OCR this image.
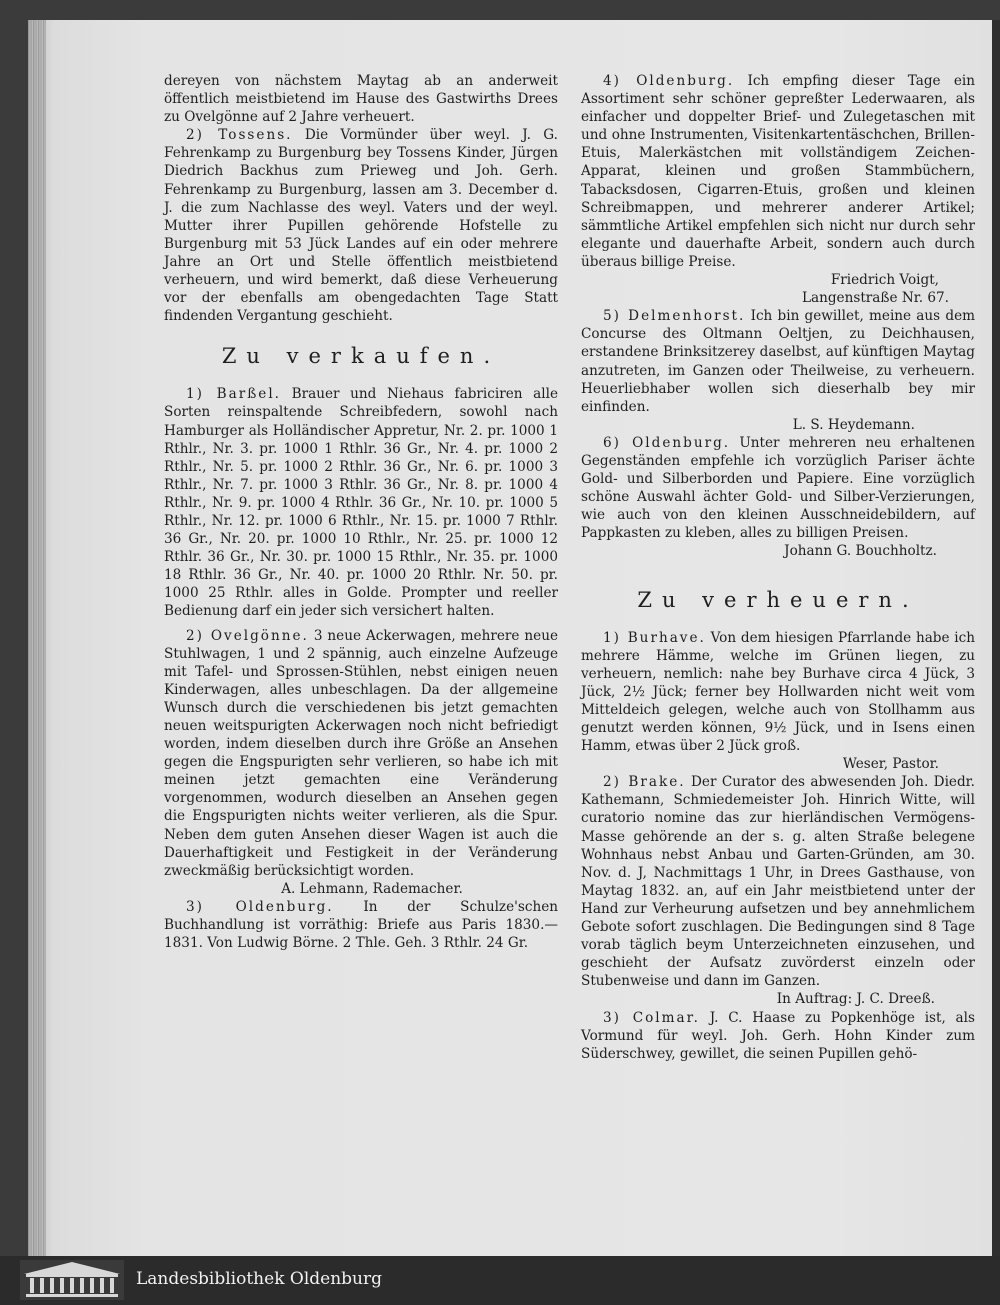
dereyen von nächstem Maytag ab an anderweit öffentlich meistbietend im Hause des Gastwirths Drees zu Ovelgönne auf 2 Jahre verheuert.

2) Tossens. Die Vormünder über weyl. J. G. Fehrenkamp zu Burgenburg bey Tossens Kinder, Jürgen Diedrich Backhus zum Prieweg und Joh. Gerh. Fehrenkamp zu Burgenburg, lassen am 3. December d. J. die zum Nachlasse des weyl. Vaters und der weyl. Mutter ihrer Pupillen gehörende Hofstelle zu Burgenburg mit 53 Jück Landes auf ein oder mehrere Jahre an Ort und Stelle öffentlich meistbietend verheuern, und wird bemerkt, daß diese Verheuerung vor der ebenfalls am obengedachten Tage Statt findenden Vergantung geschieht.

Zu verkaufen.

1) Barßel. Brauer und Niehaus fabriciren alle Sorten reinspaltende Schreibfedern, sowohl nach Hamburger als Holländischer Appretur, Nr. 2. pr. 1000 1 Rthlr., Nr. 3. pr. 1000 1 Rthlr. 36 Gr., Nr. 4. pr. 1000 2 Rthlr., Nr. 5. pr. 1000 2 Rthlr. 36 Gr., Nr. 6. pr. 1000 3 Rthlr., Nr. 7. pr. 1000 3 Rthlr. 36 Gr., Nr. 8. pr. 1000 4 Rthlr., Nr. 9. pr. 1000 4 Rthlr. 36 Gr., Nr. 10. pr. 1000 5 Rthlr., Nr. 12. pr. 1000 6 Rthlr., Nr. 15. pr. 1000 7 Rthlr. 36 Gr., Nr. 20. pr. 1000 10 Rthlr., Nr. 25. pr. 1000 12 Rthlr. 36 Gr., Nr. 30. pr. 1000 15 Rthlr., Nr. 35. pr. 1000 18 Rthlr. 36 Gr., Nr. 40. pr. 1000 20 Rthlr. Nr. 50. pr. 1000 25 Rthlr. alles in Golde. Prompter und reeller Bedienung darf ein jeder sich versichert halten.

2) Ovelgönne. 3 neue Ackerwagen, mehrere neue Stuhlwagen, 1 und 2 spännig, auch einzelne Aufzeuge mit Tafel- und Sprossen-Stühlen, nebst einigen neuen Kinderwagen, alles unbeschlagen. Da der allgemeine Wunsch durch die verschiedenen bis jetzt gemachten neuen weitspurigten Ackerwagen noch nicht befriedigt worden, indem dieselben durch ihre Größe an Ansehen gegen die Engspurigten sehr verlieren, so habe ich mit meinen jetzt gemachten eine Veränderung vorgenommen, wodurch dieselben an Ansehen gegen die Engspurigten nichts weiter verlieren, als die Spur. Neben dem guten Ansehen dieser Wagen ist auch die Dauerhaftigkeit und Festigkeit in der Veränderung zweckmäßig berücksichtigt worden.

A. Lehmann, Rademacher.

3) Oldenburg. In der Schulze'schen Buchhandlung ist vorräthig: Briefe aus Paris 1830.—1831. Von Ludwig Börne. 2 Thle. Geh. 3 Rthlr. 24 Gr.

4) Oldenburg. Ich empfing dieser Tage ein Assortiment sehr schöner gepreßter Lederwaaren, als einfacher und doppelter Brief- und Zulegetaschen mit und ohne Instrumenten, Visitenkartentäschchen, Brillen-Etuis, Malerkästchen mit vollständigem Zeichen-Apparat, kleinen und großen Stammbüchern, Tabacksdosen, Cigarren-Etuis, großen und kleinen Schreibmappen, und mehrerer anderer Artikel; sämmtliche Artikel empfehlen sich nicht nur durch sehr elegante und dauerhafte Arbeit, sondern auch durch überaus billige Preise.

Friedrich Voigt,

Langenstraße Nr. 67.

5) Delmenhorst. Ich bin gewillet, meine aus dem Concurse des Oltmann Oeltjen, zu Deichhausen, erstandene Brinksitzerey daselbst, auf künftigen Maytag anzutreten, im Ganzen oder Theilweise, zu verheuern. Heuerliebhaber wollen sich dieserhalb bey mir einfinden.

L. S. Heydemann.

6) Oldenburg. Unter mehreren neu erhaltenen Gegenständen empfehle ich vorzüglich Pariser ächte Gold- und Silberborden und Papiere. Eine vorzüglich schöne Auswahl ächter Gold- und Silber-Verzierungen, wie auch von den kleinen Ausschneidebildern, auf Pappkasten zu kleben, alles zu billigen Preisen.

Johann G. Bouchholtz.

Zu verheuern.

1) Burhave. Von dem hiesigen Pfarrlande habe ich mehrere Hämme, welche im Grünen liegen, zu verheuern, nemlich: nahe bey Burhave circa 4 Jück, 3 Jück, 2½ Jück; ferner bey Hollwarden nicht weit vom Mitteldeich gelegen, welche auch von Stollhamm aus genutzt werden können, 9½ Jück, und in Isens einen Hamm, etwas über 2 Jück groß.

Weser, Pastor.

2) Brake. Der Curator des abwesenden Joh. Diedr. Kathemann, Schmiedemeister Joh. Hinrich Witte, will curatorio nomine das zur hierländischen Vermögens-Masse gehörende an der s. g. alten Straße belegene Wohnhaus nebst Anbau und Garten-Gründen, am 30. Nov. d. J, Nachmittags 1 Uhr, in Drees Gasthause, von Maytag 1832. an, auf ein Jahr meistbietend unter der Hand zur Verheurung aufsetzen und bey annehmlichem Gebote sofort zuschlagen. Die Bedingungen sind 8 Tage vorab täglich beym Unterzeichneten einzusehen, und geschieht der Aufsatz zuvörderst einzeln oder Stubenweise und dann im Ganzen.

In Auftrag: J. C. Dreeß.

3) Colmar. J. C. Haase zu Popkenhöge ist, als Vormund für weyl. Joh. Gerh. Hohn Kinder zum Süderschwey, gewillet, die seinen Pupillen gehö-

Landesbibliothek Oldenburg
